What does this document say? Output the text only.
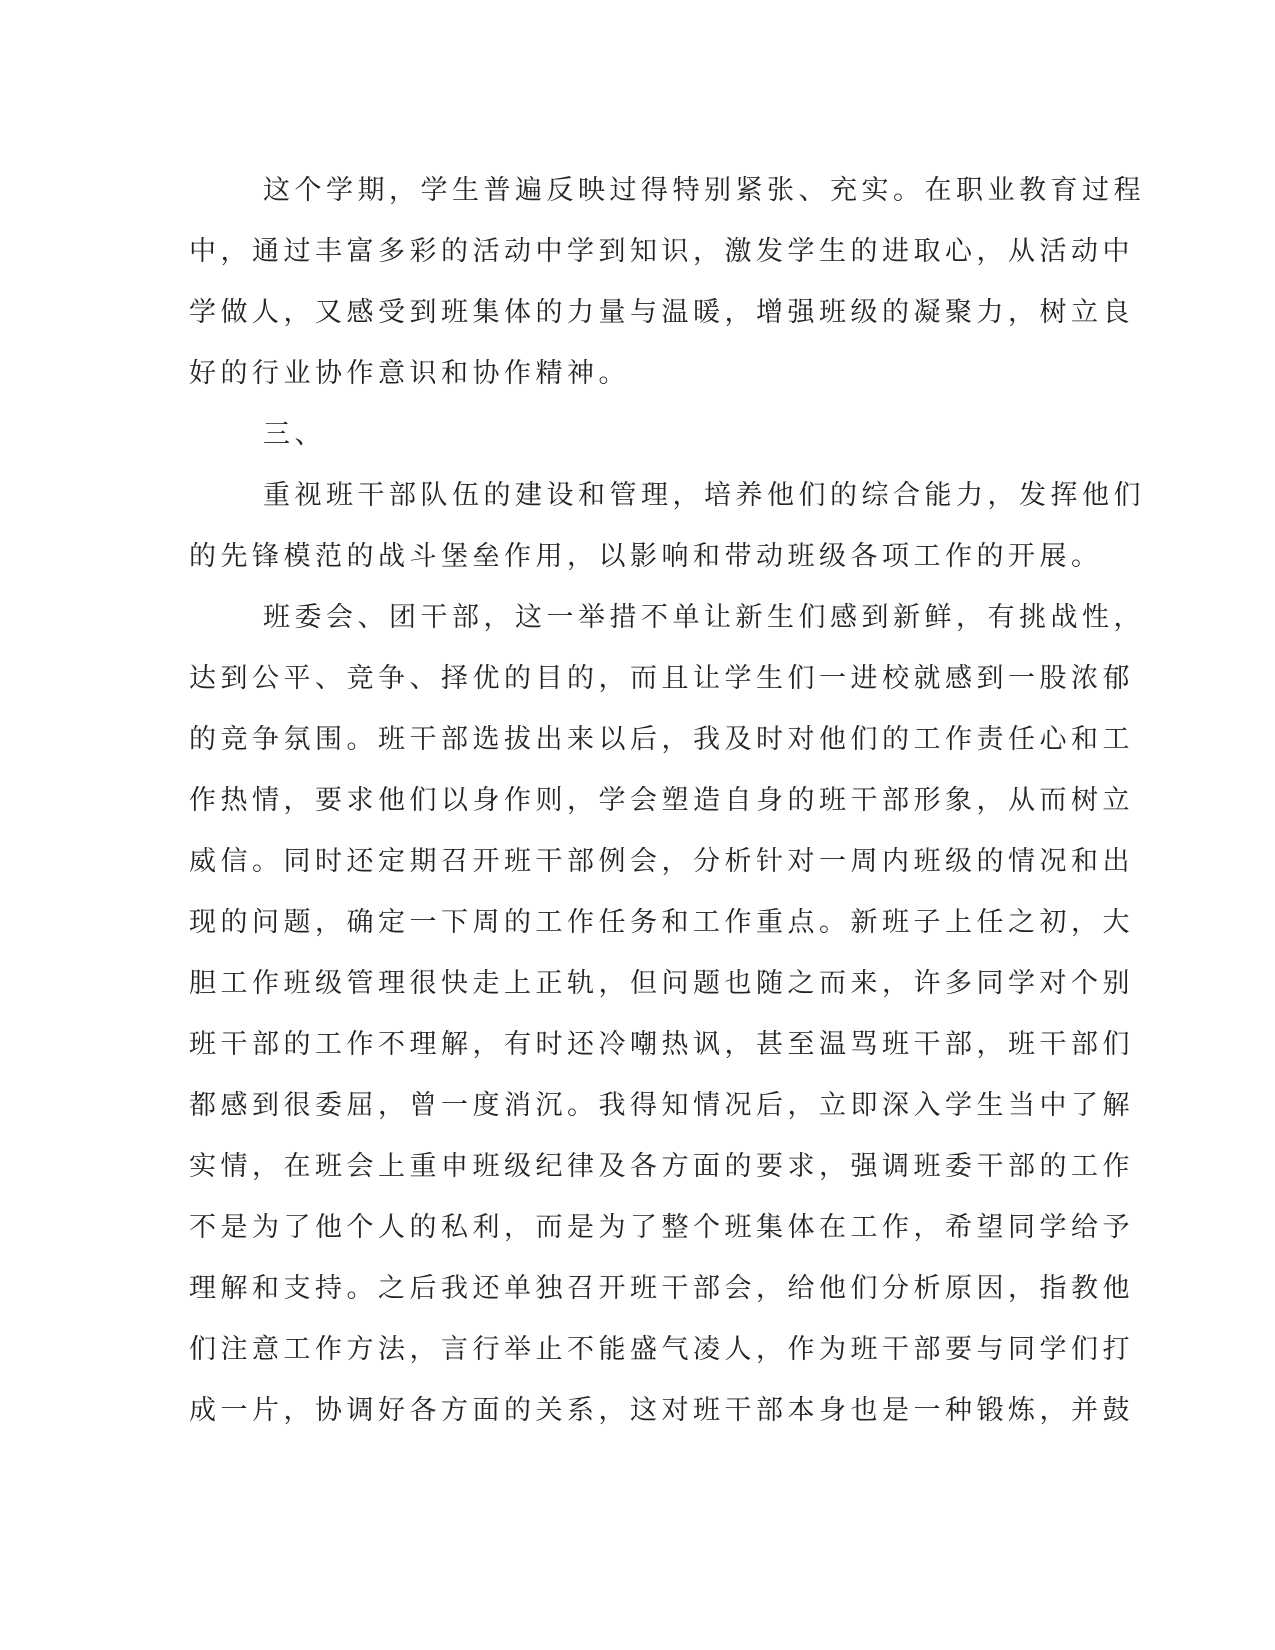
这个学期，学生普遍反映过得特别紧张、充实。在职业教育过程
中，通过丰富多彩的活动中学到知识，激发学生的进取心，从活动中
学做人，又感受到班集体的力量与温暖，增强班级的凝聚力，树立良
好的行业协作意识和协作精神。
三、
重视班干部队伍的建设和管理，培养他们的综合能力，发挥他们
的先锋模范的战斗堡垒作用，以影响和带动班级各项工作的开展。
班委会、团干部，这一举措不单让新生们感到新鲜，有挑战性，
达到公平、竞争、择优的目的，而且让学生们一进校就感到一股浓郁
的竞争氛围。班干部选拔出来以后，我及时对他们的工作责任心和工
作热情，要求他们以身作则，学会塑造自身的班干部形象，从而树立
威信。同时还定期召开班干部例会，分析针对一周内班级的情况和出
现的问题，确定一下周的工作任务和工作重点。新班子上任之初，大
胆工作班级管理很快走上正轨，但问题也随之而来，许多同学对个别
班干部的工作不理解，有时还冷嘲热讽，甚至温骂班干部，班干部们
都感到很委屈，曾一度消沉。我得知情况后，立即深入学生当中了解
实情，在班会上重申班级纪律及各方面的要求，强调班委干部的工作
不是为了他个人的私利，而是为了整个班集体在工作，希望同学给予
理解和支持。之后我还单独召开班干部会，给他们分析原因，指教他
们注意工作方法，言行举止不能盛气凌人，作为班干部要与同学们打
成一片，协调好各方面的关系，这对班干部本身也是一种锻炼，并鼓
